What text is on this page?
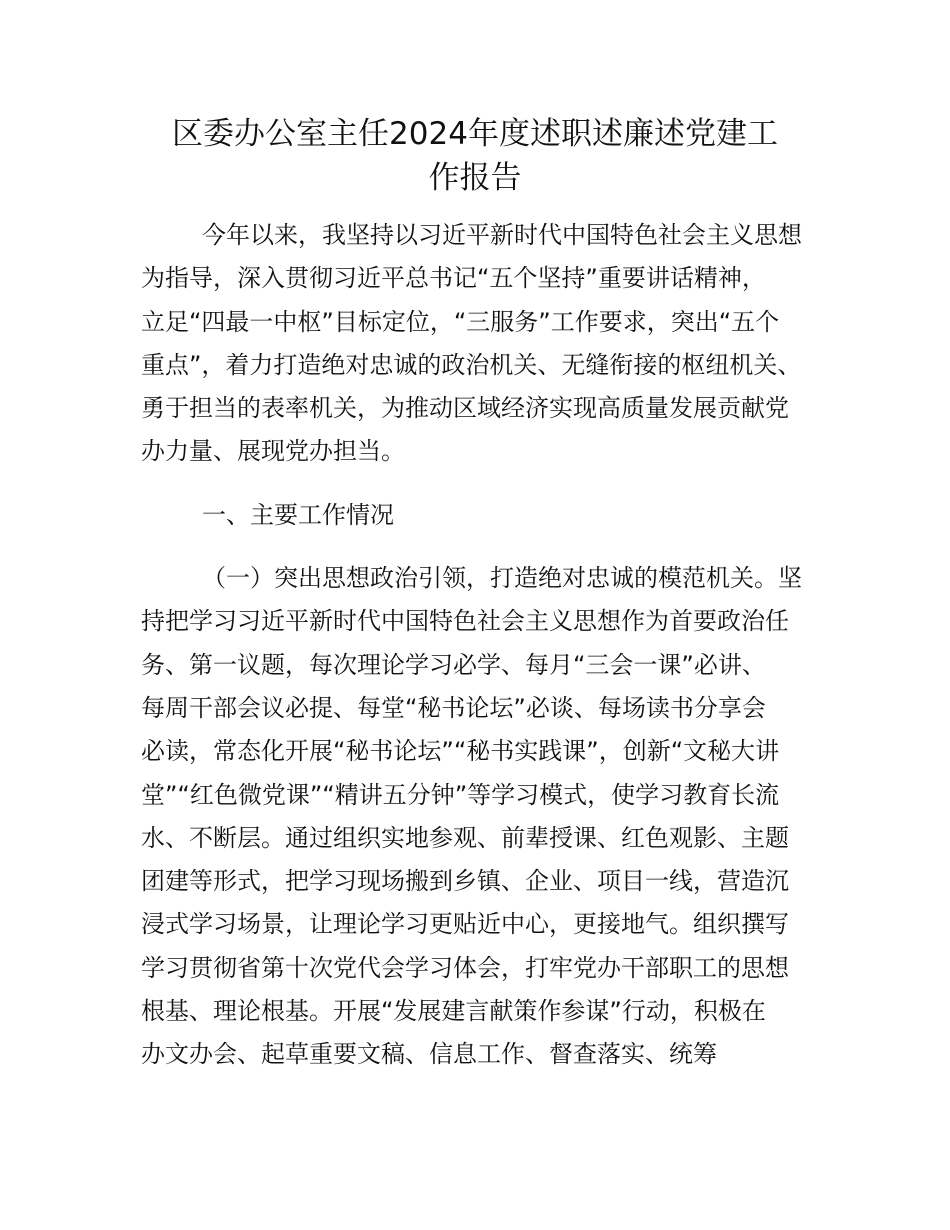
区委办公室主任2024年度述职述廉述党建工
作报告

今年以来，我坚持以习近平新时代中国特色社会主义思想
为指导，深入贯彻习近平总书记“五个坚持”重要讲话精神，
立足“四最一中枢”目标定位，“三服务”工作要求，突出“五个
重点”，着力打造绝对忠诚的政治机关、无缝衔接的枢纽机关、
勇于担当的表率机关，为推动区域经济实现高质量发展贡献党
办力量、展现党办担当。

一、主要工作情况

（一）突出思想政治引领，打造绝对忠诚的模范机关。坚
持把学习习近平新时代中国特色社会主义思想作为首要政治任
务、第一议题，每次理论学习必学、每月“三会一课”必讲、
每周干部会议必提、每堂“秘书论坛”必谈、每场读书分享会
必读，常态化开展“秘书论坛”“秘书实践课”，创新“文秘大讲
堂”“红色微党课”“精讲五分钟”等学习模式，使学习教育长流
水、不断层。通过组织实地参观、前辈授课、红色观影、主题
团建等形式，把学习现场搬到乡镇、企业、项目一线，营造沉
浸式学习场景，让理论学习更贴近中心，更接地气。组织撰写
学习贯彻省第十次党代会学习体会，打牢党办干部职工的思想
根基、理论根基。开展“发展建言献策作参谋”行动，积极在
办文办会、起草重要文稿、信息工作、督查落实、统筹
